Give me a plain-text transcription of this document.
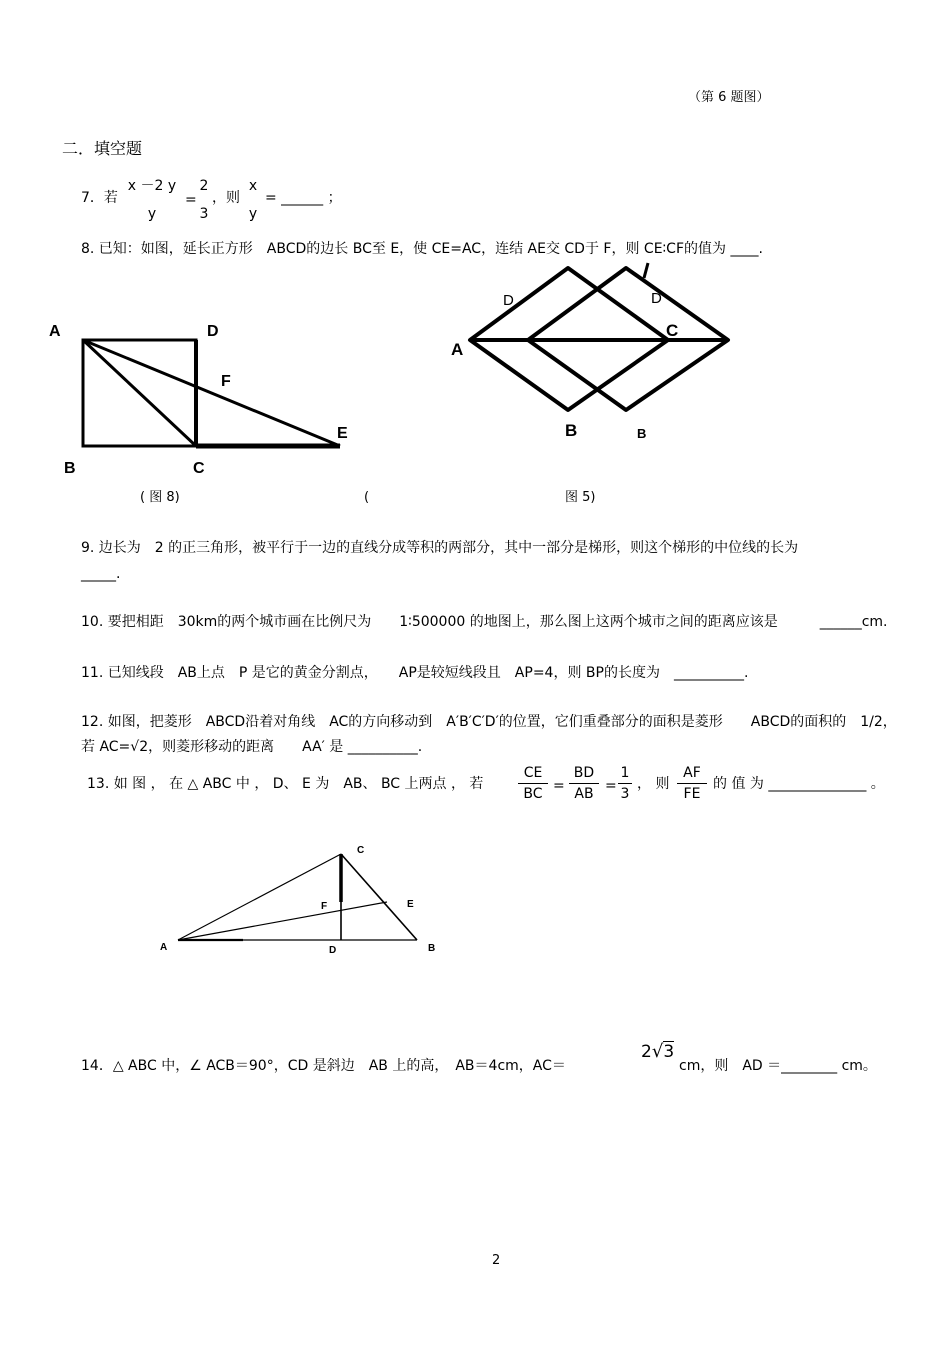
（第 6 题图）
二．填空题
7．若
x －2 y
y
=
2
3
，则
x
y
= ______ ；
8. 已知：如图，延长正方形　ABCD的边长 BC至 E，使 CE=AC，连结 AE交 CD于 F，则 CE∶CF的值为 ____.
A	D
F
E
B	C
( 图 8)
D	D
A
C
B	B
(	图 5)
9. 边长为　2 的正三角形，被平行于一边的直线分成等积的两部分，其中一部分是梯形，则这个梯形的中位线的长为
_____.
10. 要把相距　30km的两个城市画在比例尺为　　1∶500000 的地图上，那么图上这两个城市之间的距离应该是　　　______cm.
11. 已知线段　AB上点　P 是它的黄金分割点，　　AP是较短线段且　AP=4，则 BP的长度为　__________.
12. 如图，把菱形　ABCD沿着对角线　AC的方向移动到　A′B′C′D′的位置，它们重叠部分的面积是菱形　　ABCD的面积的　1/2，
若 AC=√2，则菱形移动的距离　　AA′ 是 __________.
13. 如 图 ， 在 △ ABC 中 ， D、 E 为　AB、 BC 上两点 ， 若
CE
BC =
BD
AB =
1
3
， 则
AF
FE
的 值 为 ______________ 。
A
C
F	E
D	B
14．△ ABC 中，∠ ACB＝90°，CD 是斜边　AB 上的高，　AB＝4cm，AC＝
2√3
cm，则　AD ＝________ cm。
2
